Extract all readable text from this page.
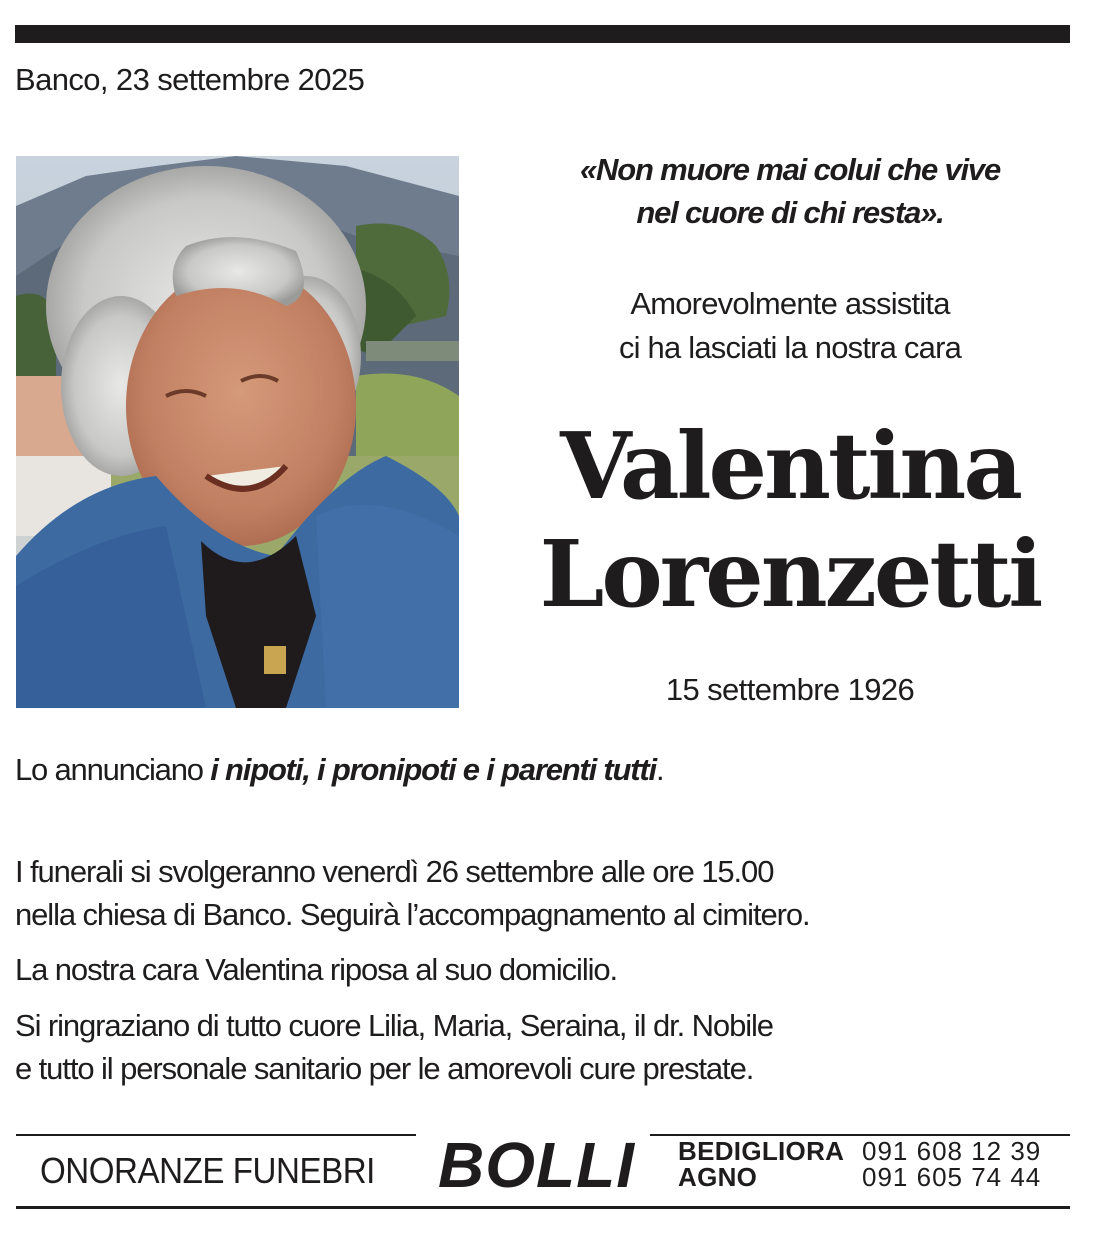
Banco, 23 settembre 2025
«Non muore mai colui che vive
nel cuore di chi resta».
Amorevolmente assistita
ci ha lasciati la nostra cara
Valentina
Lorenzetti
15 settembre 1926
Lo annunciano i nipoti, i pronipoti e i parenti tutti.
I funerali si svolgeranno venerdì 26 settembre alle ore 15.00
nella chiesa di Banco. Seguirà l’accompagnamento al cimitero.
La nostra cara Valentina riposa al suo domicilio.
Si ringraziano di tutto cuore Lilia, Maria, Seraina, il dr. Nobile
e tutto il personale sanitario per le amorevoli cure prestate.
ONORANZE FUNEBRI BOLLI BEDIGLIORA 091 608 12 39
AGNO	091 605 74 44
